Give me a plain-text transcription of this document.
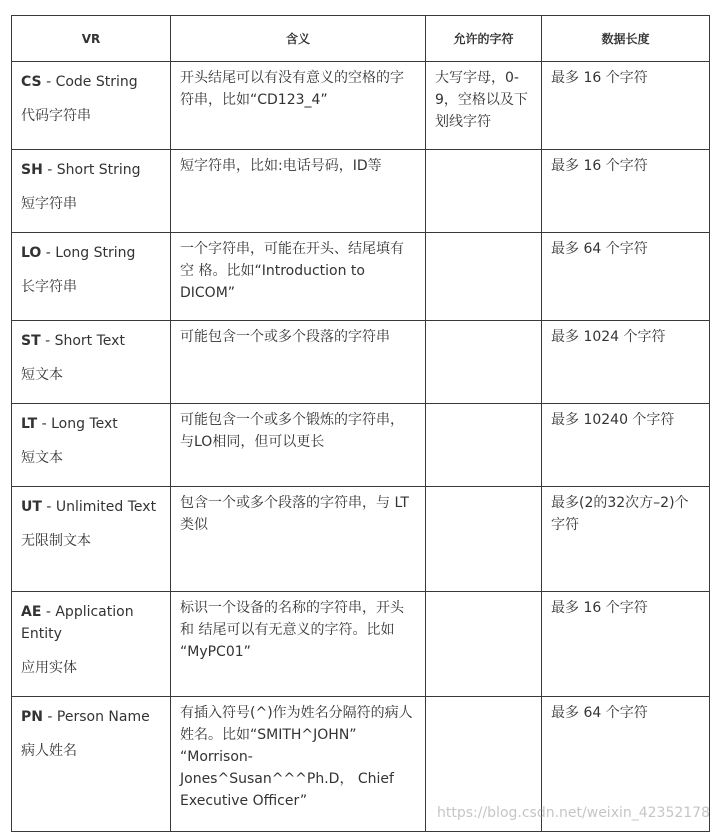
VR	含义	允许的字符	数据长度

CS - Code String
代码字符串	开头结尾可以有没有意义的空格的字符串，比如“CD123_4”	大写字母，0-9，空格以及下划线字符	最多 16 个字符

SH - Short String
短字符串	短字符串，比如:电话号码，ID等		最多 16 个字符

LO - Long String
长字符串	一个字符串，可能在开头、结尾填有空 格。比如“Introduction to DICOM”		最多 64 个字符

ST - Short Text
短文本	可能包含一个或多个段落的字符串		最多 1024 个字符

LT - Long Text
短文本	可能包含一个或多个锻炼的字符串，与LO相同，但可以更长		最多 10240 个字符

UT - Unlimited Text
无限制文本	包含一个或多个段落的字符串，与 LT 类似		最多(2的32次方–2)个字符

AE - Application Entity
应用实体	标识一个设备的名称的字符串，开头和 结尾可以有无意义的字符。比如 “MyPC01”		最多 16 个字符

PN - Person Name
病人姓名	有插入符号(^)作为姓名分隔符的病人姓名。比如“SMITH^JOHN” “Morrison-Jones^Susan^^^Ph.D， Chief Executive Officer”		最多 64 个字符
https://blog.csdn.net/weixin_42352178
